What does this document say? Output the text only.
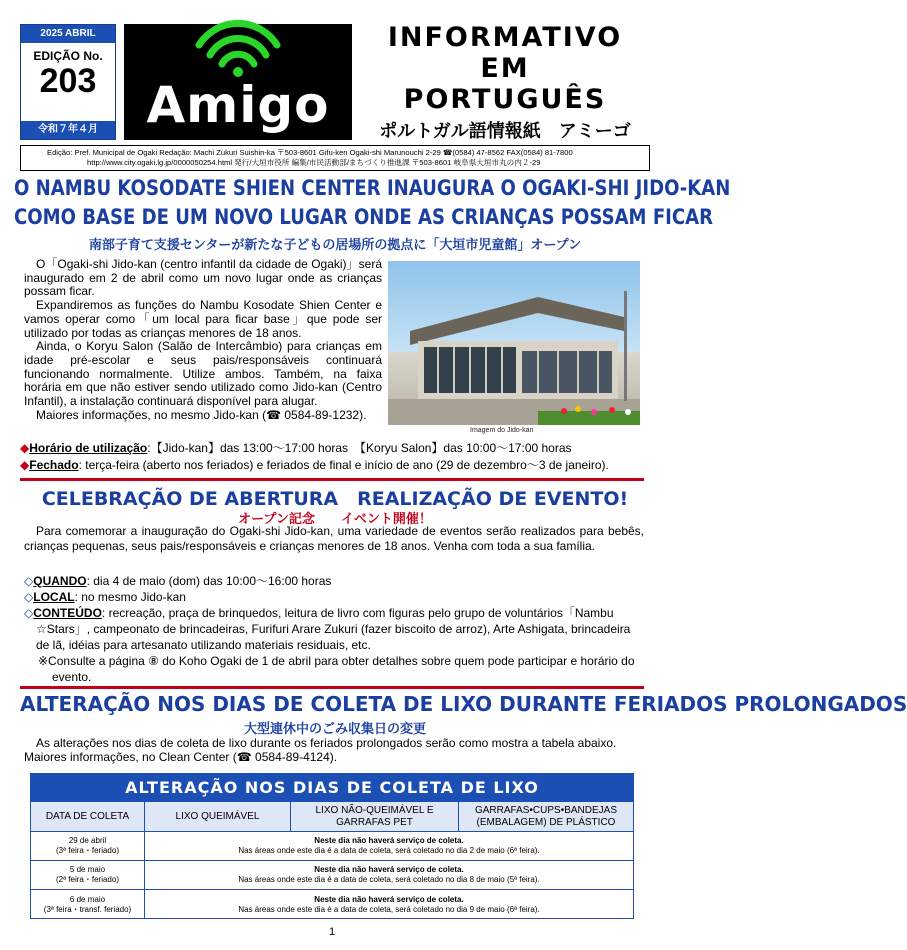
2025 ABRIL
EDIÇÃO No.
203
令和７年４月 Amigo
INFORMATIVO
EM
PORTUGUÊS
ポルトガル語情報紙　アミーゴ
Edição: Pref. Municipal de Ogaki Redação: Machi Zukuri Suishin-ka 〒503-8601 Gifu-ken Ogaki-shi Marunouchi 2-29 ☎(0584) 47-8562 FAX(0584) 81-7800
http://www.city.ogaki.lg.jp/0000050254.html 発行/大垣市役所 編集/市民活動部/まちづくり推進課 〒503-8601 岐阜県大垣市丸の内２-29
O NAMBU KOSODATE SHIEN CENTER INAUGURA O OGAKI-SHI JIDO-KAN
COMO BASE DE UM NOVO LUGAR ONDE AS CRIANÇAS POSSAM FICAR
南部子育て支援センターが新たな子どもの居場所の拠点に「大垣市児童館」オープン
O「Ogaki-shi Jido-kan (centro infantil da cidade de Ogaki)」será inaugurado em 2 de abril como um novo lugar onde as crianças possam ficar.
Expandiremos as funções do Nambu Kosodate Shien Center e vamos operar como「um local para ficar base」que pode ser utilizado por todas as crianças menores de 18 anos.
Ainda, o Koryu Salon (Salão de Intercâmbio) para crianças em idade pré-escolar e seus pais/responsáveis continuará funcionando normalmente. Utilize ambos. Também, na faixa horária em que não estiver sendo utilizado como Jido-kan (Centro Infantil), a instalação continuará disponível para alugar.
Maiores informações, no mesmo Jido-kan (☎ 0584-89-1232).
Imagem do Jido-kan
◆Horário de utilização:【Jido-kan】das 13:00～17:00 horas　【Koryu Salon】das 10:00～17:00 horas
◆Fechado: terça-feira (aberto nos feriados) e feriados de final e início de ano (29 de dezembro～3 de janeiro).
CELEBRAÇÃO DE ABERTURA　REALIZAÇÃO DE EVENTO!
オープン記念　　イベント開催！
Para comemorar a inauguração do Ogaki-shi Jido-kan, uma variedade de eventos serão realizados para bebês, crianças pequenas, seus pais/responsáveis e crianças menores de 18 anos. Venha com toda a sua família.
◇QUANDO: dia 4 de maio (dom) das 10:00～16:00 horas
◇LOCAL: no mesmo Jido-kan
◇CONTEÚDO: recreação, praça de brinquedos, leitura de livro com figuras pelo grupo de voluntários「Nambu ☆Stars」, campeonato de brincadeiras, Furifuri Arare Zukuri (fazer biscoito de arroz), Arte Ashigata, brincadeira de lã, idéias para artesanato utilizando materiais residuais, etc.
※Consulte a página ⑧ do Koho Ogaki de 1 de abril para obter detalhes sobre quem pode participar e horário do evento.
ALTERAÇÃO NOS DIAS DE COLETA DE LIXO DURANTE FERIADOS PROLONGADOS
大型連休中のごみ収集日の変更
As alterações nos dias de coleta de lixo durante os feriados prolongados serão como mostra a tabela abaixo.
Maiores informações, no Clean Center (☎ 0584-89-4124).
ALTERAÇÃO NOS DIAS DE COLETA DE LIXO
DATA DE COLETA	LIXO QUEIMÁVEL
LIXO NÃO-QUEIMÁVEL E GARRAFAS PET
GARRAFAS•CUPS•BANDEJAS (EMBALAGEM) DE PLÁSTICO
29 de abril
(3ª feira・feriado)
Neste dia não haverá serviço de coleta.
Nas áreas onde este dia é a data de coleta, será coletado no dia 2 de maio (6ª feira).
5 de maio
(2ª feira・feriado)
Neste dia não haverá serviço de coleta.
Nas áreas onde este dia é a data de coleta, será coletado no dia 8 de maio (5ª feira).
6 de maio
(3ª feira・transf. feriado)
Neste dia não haverá serviço de coleta.
Nas áreas onde este dia é a data de coleta, será coletado no dia 9 de maio (6ª feira).
1
